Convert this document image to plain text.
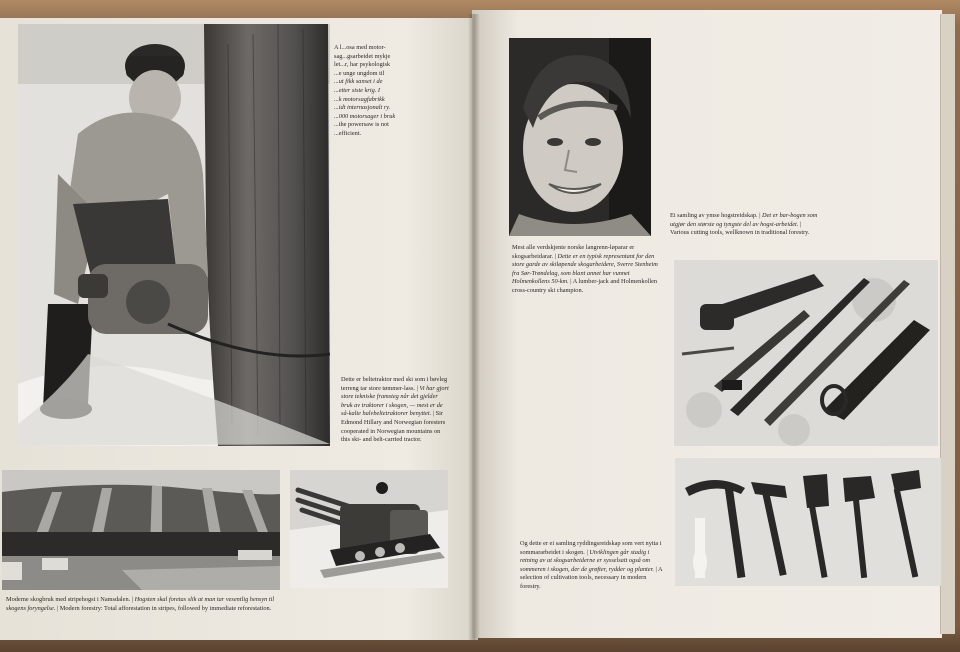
A l...osa med motor-
sag...gsarbeidet mykje
let...r, har psykologisk
...e unge ungdom til
...ut fikk sanset i de
...etter siste krig. I
...k motorsagfabrikk
...idt internasjonalt ry.
...000 motorsager i bruk
...the powersaw is not
...efficient.
Dette er beltetraktor med ski som i bøvleg terreng tar store tømmer-lass. | Vi har gjort store tekniske framsteg når det gjelder bruk av traktorer i skogen, — mest er de så-kalte halvbeltetraktorer benyttet. | Sir Edmond Hillary and Norwegian foresters cooperated in Norwegian mountains on this ski- and belt-carried tractor.
Moderne skogbruk med stripehogst i Namsdalen. | Hogsten skal foretas slik at man tar vesentlig hensyn til skogens foryngelse. | Modern forestry: Total afforestation in stripes, followed by immediate reforestation.
Mest alle verdskjente norske langrenn-løparar er skogsarbeidarar. | Dette er en typisk representant for den store garde av skiløpende skogarbeidere, Sverre Stenheim fra Sør-Trøndelag, som blant annet har vunnet Holmenkollens 50-km. | A lumber-jack and Holmenkollen cross-country ski champion.
Ei samling av ymse hogstreidskap. | Det er bar-bogen som utgjør den største og tyngste del av hogst-arbeidet. | Various cutting tools, wellknown in traditional forestry.
Og dette er ei samling ryddingsreidskap som vert nytta i sommararbeidet i skogen. | Utviklingen går stadig i retning av at skogsarbeiderne er sysselsatt også om sommeren i skogen, der de grøfter, rydder og planter. | A selection of cultivation tools, necessary in modern forestry.
